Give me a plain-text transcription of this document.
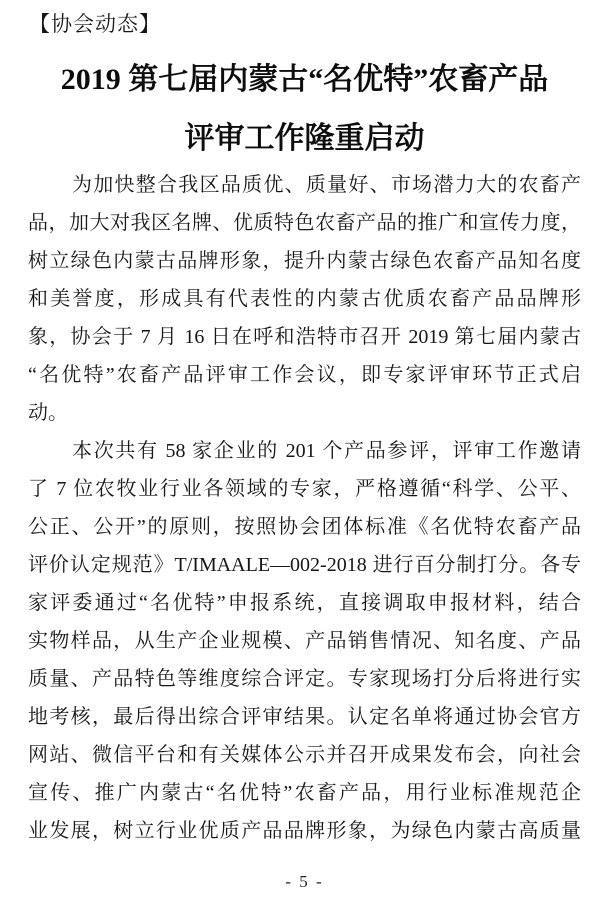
【协会动态】
2019 第七届内蒙古“名优特”农畜产品
评审工作隆重启动
为加快整合我区品质优、质量好、市场潜力大的农畜产
品，加大对我区名牌、优质特色农畜产品的推广和宣传力度，
树立绿色内蒙古品牌形象，提升内蒙古绿色农畜产品知名度
和美誉度，形成具有代表性的内蒙古优质农畜产品品牌形
象，协会于 7 月 16 日在呼和浩特市召开 2019 第七届内蒙古
“名优特”农畜产品评审工作会议，即专家评审环节正式启
动。
本次共有 58 家企业的 201 个产品参评，评审工作邀请
了 7 位农牧业行业各领域的专家，严格遵循“科学、公平、
公正、公开”的原则，按照协会团体标准《名优特农畜产品
评价认定规范》T/IMAALE—002-2018 进行百分制打分。各专
家评委通过“名优特”申报系统，直接调取申报材料，结合
实物样品，从生产企业规模、产品销售情况、知名度、产品
质量、产品特色等维度综合评定。专家现场打分后将进行实
地考核，最后得出综合评审结果。认定名单将通过协会官方
网站、微信平台和有关媒体公示并召开成果发布会，向社会
宣传、推广内蒙古“名优特”农畜产品，用行业标准规范企
业发展，树立行业优质产品品牌形象，为绿色内蒙古高质量
- 5 -
